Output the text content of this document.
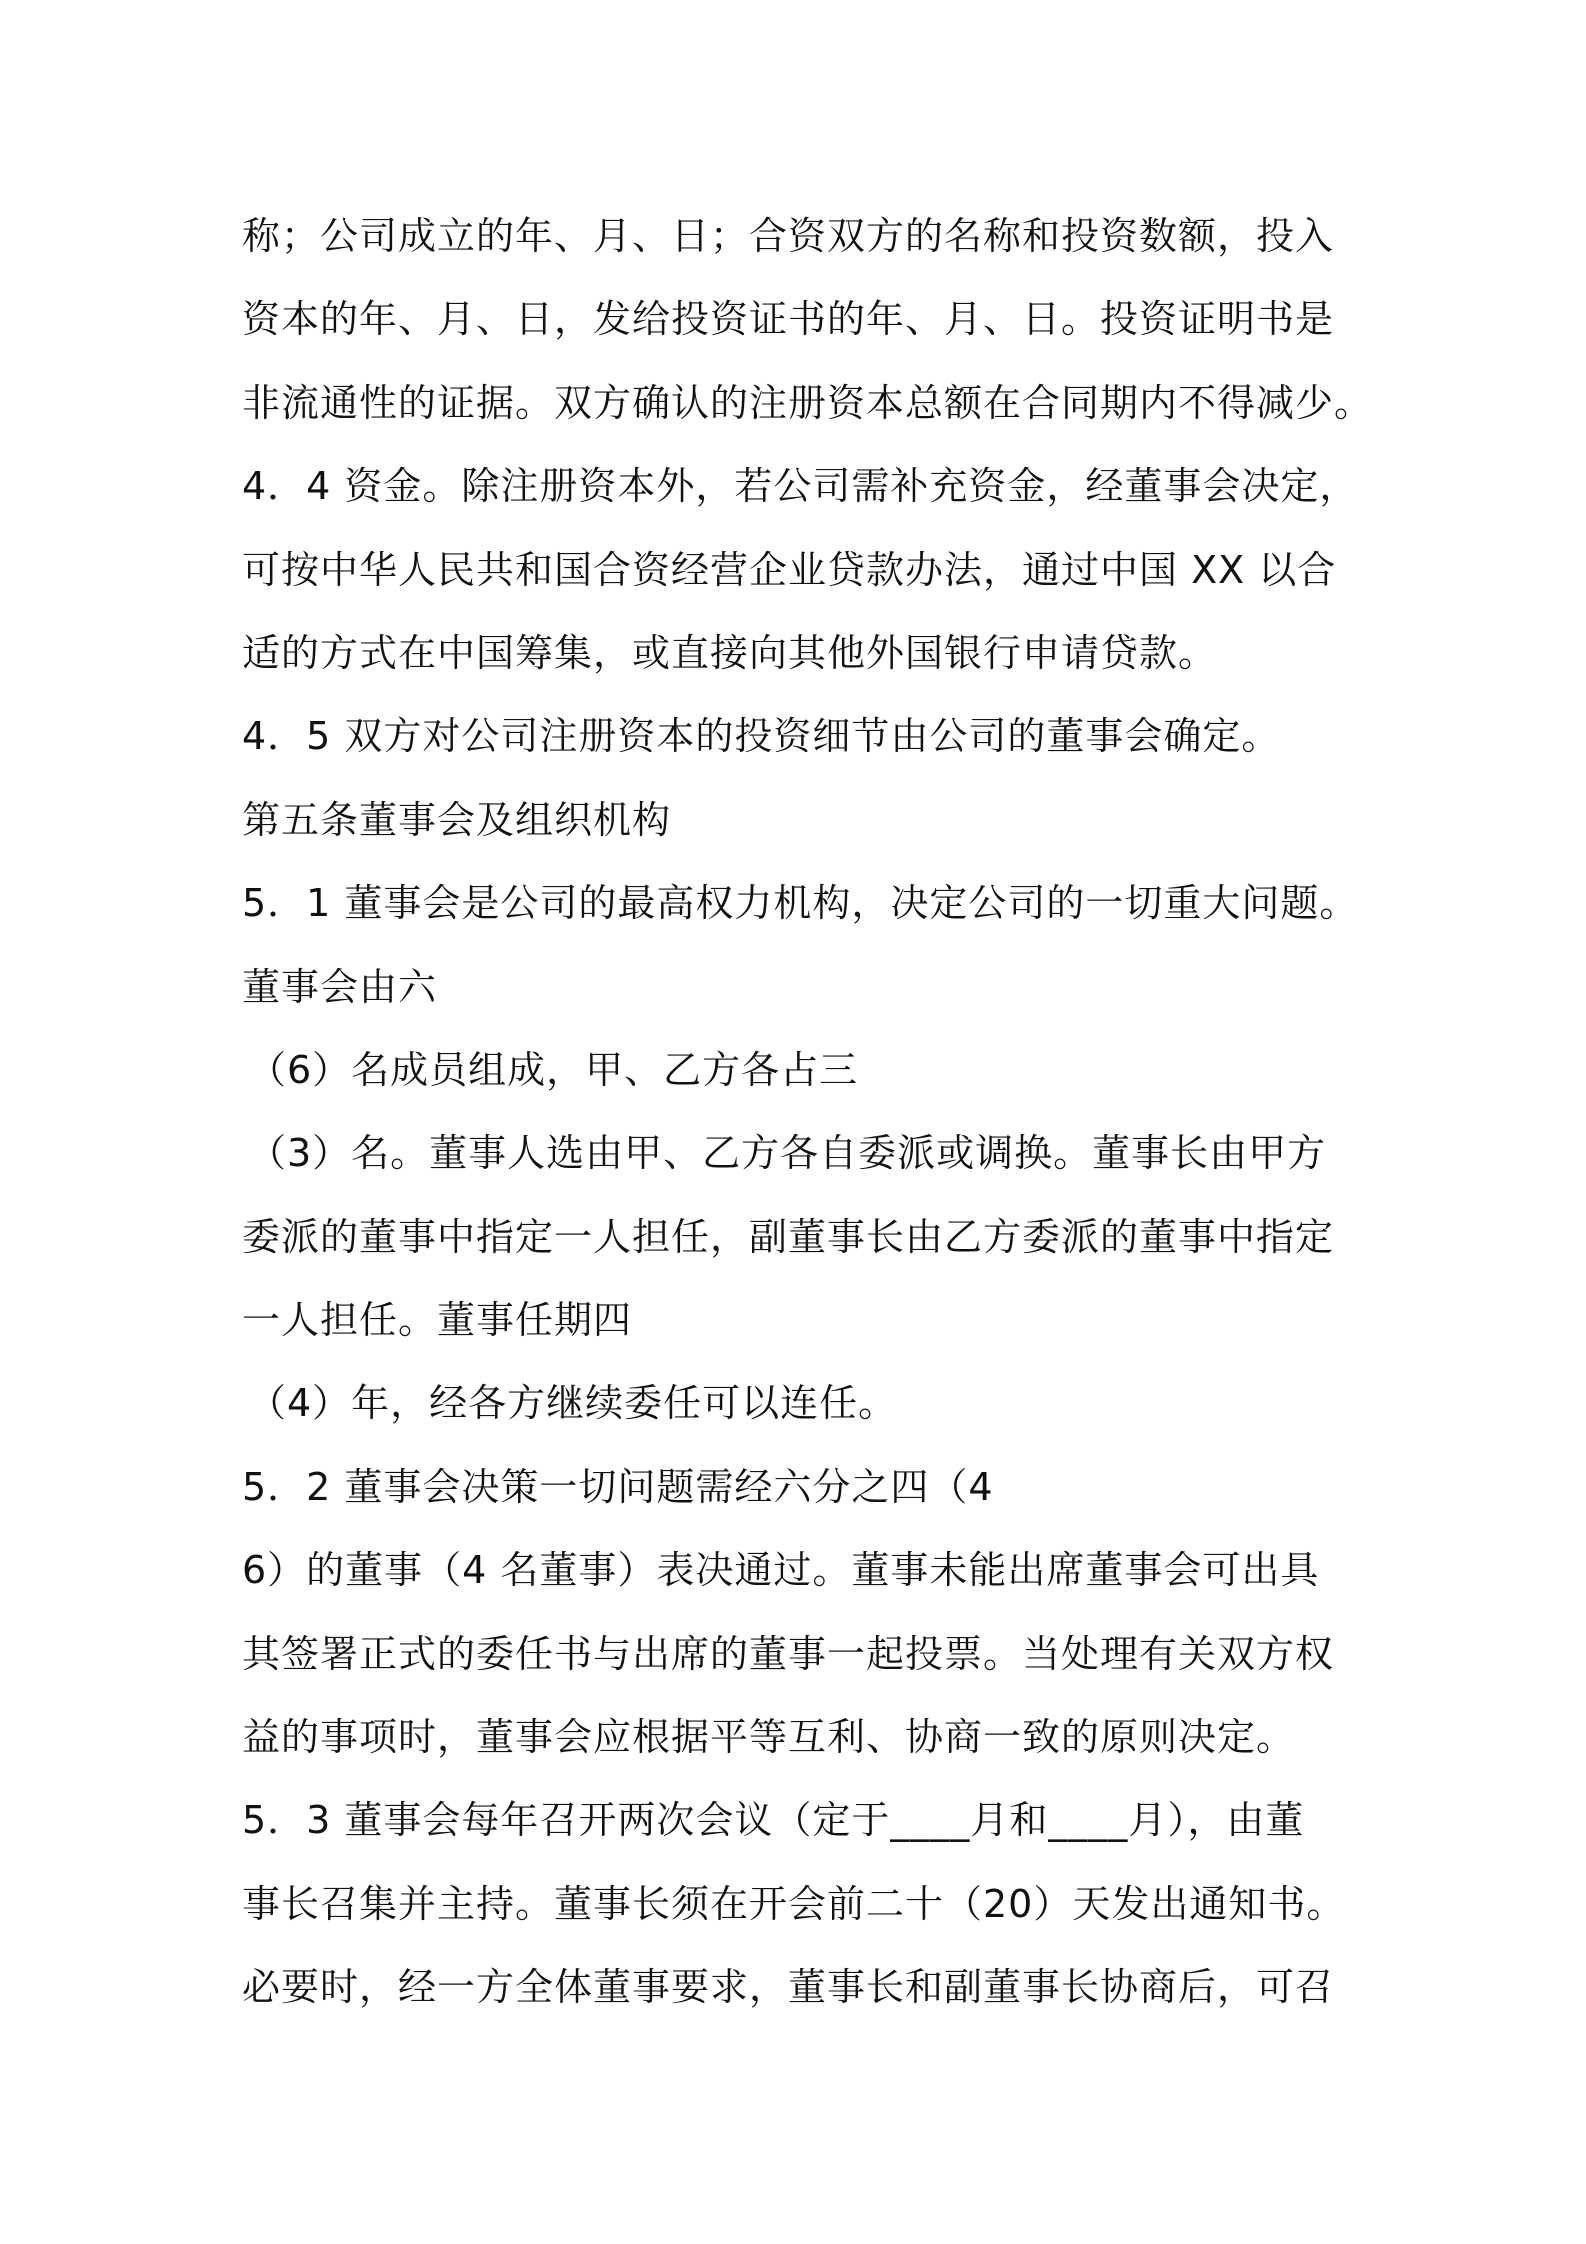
称；公司成立的年、月、日；合资双方的名称和投资数额，投入
资本的年、月、日，发给投资证书的年、月、日。投资证明书是
非流通性的证据。双方确认的注册资本总额在合同期内不得减少。
4．4 资金。除注册资本外，若公司需补充资金，经董事会决定，
可按中华人民共和国合资经营企业贷款办法，通过中国 XX 以合
适的方式在中国筹集，或直接向其他外国银行申请贷款。
4．5 双方对公司注册资本的投资细节由公司的董事会确定。
第五条董事会及组织机构
5．1 董事会是公司的最高权力机构，决定公司的一切重大问题。
董事会由六
（6）名成员组成，甲、乙方各占三
（3）名。董事人选由甲、乙方各自委派或调换。董事长由甲方
委派的董事中指定一人担任，副董事长由乙方委派的董事中指定
一人担任。董事任期四
（4）年，经各方继续委任可以连任。
5．2 董事会决策一切问题需经六分之四（4
6）的董事（4 名董事）表决通过。董事未能出席董事会可出具
其签署正式的委任书与出席的董事一起投票。当处理有关双方权
益的事项时，董事会应根据平等互利、协商一致的原则决定。
5．3 董事会每年召开两次会议（定于____月和____月），由董
事长召集并主持。董事长须在开会前二十（20）天发出通知书。
必要时，经一方全体董事要求，董事长和副董事长协商后，可召
